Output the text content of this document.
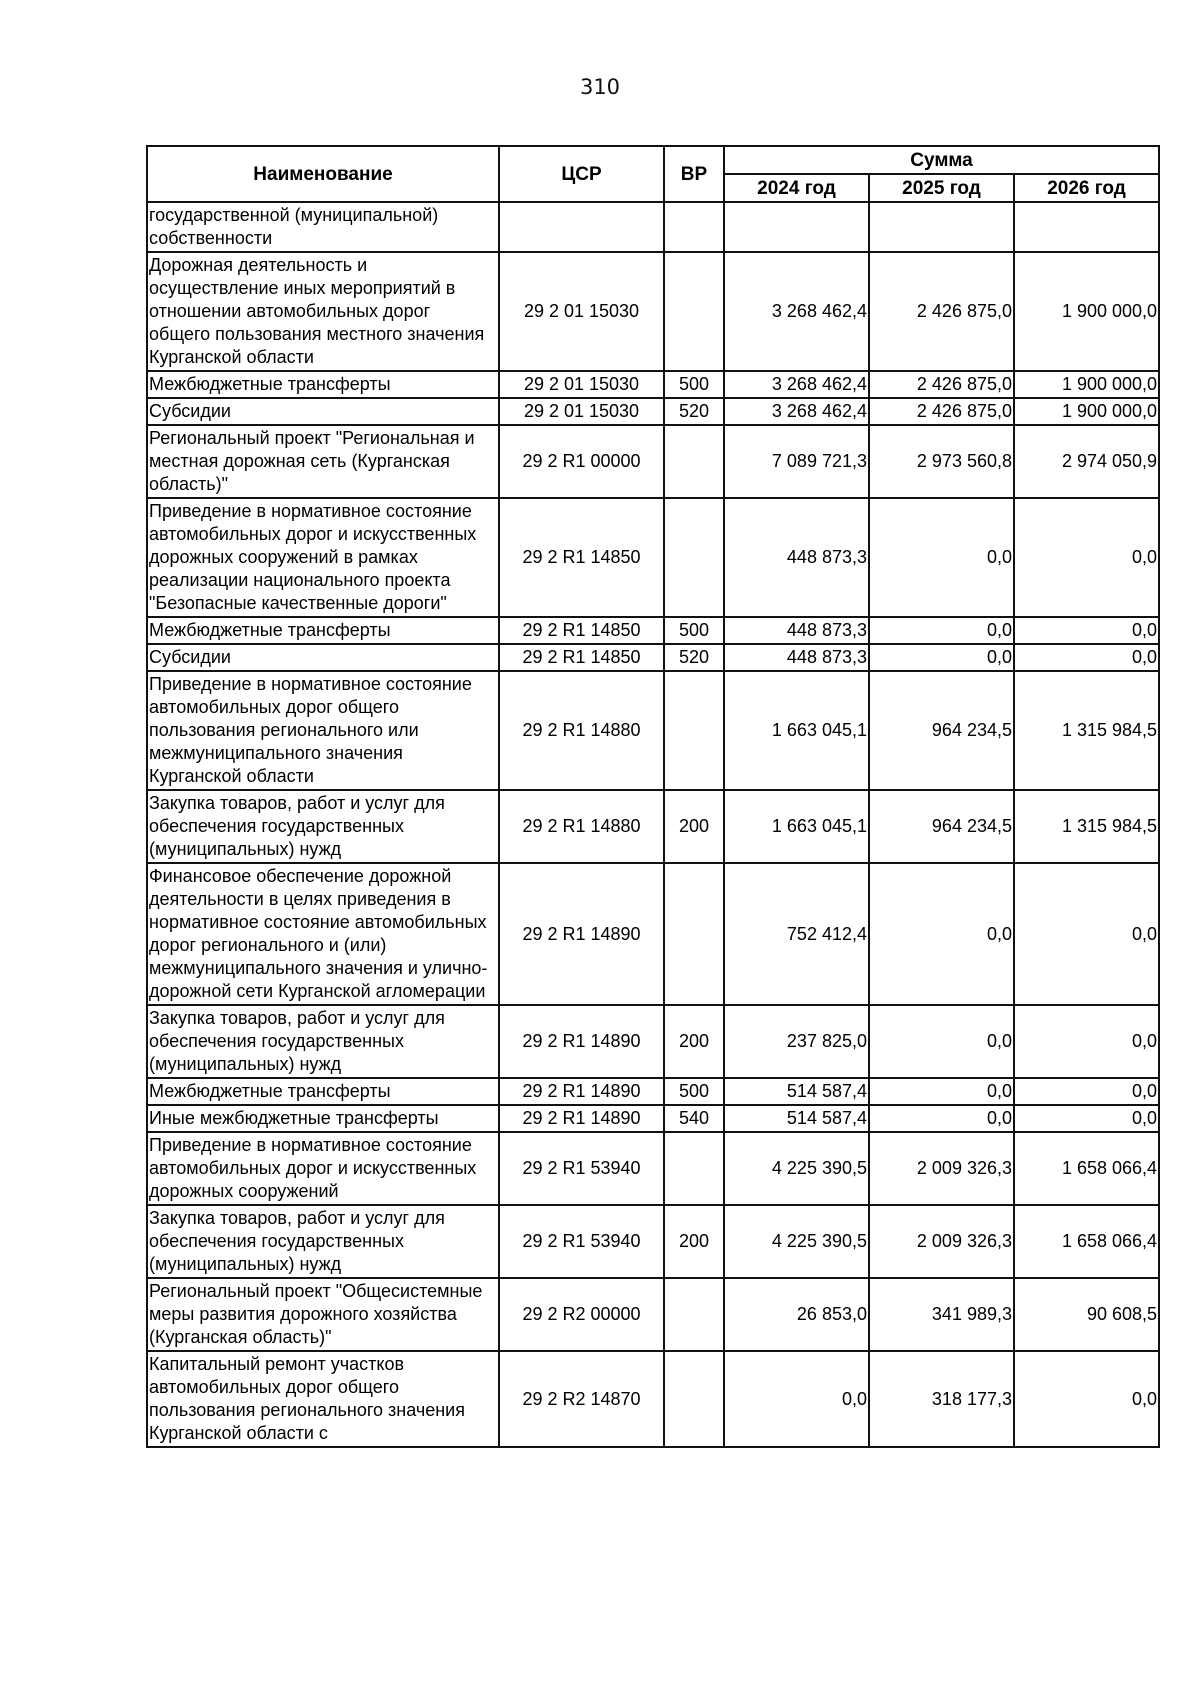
310
Наименование	ЦСР	ВР	Сумма		
			2024 год	2025 год	2026 год
государственной (муниципальной) собственности					
Дорожная деятельность и осуществление иных мероприятий в отношении автомобильных дорог общего пользования местного значения Курганской области	29 2 01 15030		3 268 462,4	2 426 875,0	1 900 000,0
Межбюджетные трансферты	29 2 01 15030	500	3 268 462,4	2 426 875,0	1 900 000,0
Субсидии	29 2 01 15030	520	3 268 462,4	2 426 875,0	1 900 000,0
Региональный проект "Региональная и местная дорожная сеть (Курганская область)"	29 2 R1 00000		7 089 721,3	2 973 560,8	2 974 050,9
Приведение в нормативное состояние автомобильных дорог и искусственных дорожных сооружений в рамках реализации национального проекта "Безопасные качественные дороги"	29 2 R1 14850		448 873,3	0,0	0,0
Межбюджетные трансферты	29 2 R1 14850	500	448 873,3	0,0	0,0
Субсидии	29 2 R1 14850	520	448 873,3	0,0	0,0
Приведение в нормативное состояние автомобильных дорог общего пользования регионального или межмуниципального значения Курганской области	29 2 R1 14880		1 663 045,1	964 234,5	1 315 984,5
Закупка товаров, работ и услуг для обеспечения государственных (муниципальных) нужд	29 2 R1 14880	200	1 663 045,1	964 234,5	1 315 984,5
Финансовое обеспечение дорожной деятельности в целях приведения в нормативное состояние автомобильных дорог регионального и (или) межмуниципального значения и улично-дорожной сети Курганской агломерации	29 2 R1 14890		752 412,4	0,0	0,0
Закупка товаров, работ и услуг для обеспечения государственных (муниципальных) нужд	29 2 R1 14890	200	237 825,0	0,0	0,0
Межбюджетные трансферты	29 2 R1 14890	500	514 587,4	0,0	0,0
Иные межбюджетные трансферты	29 2 R1 14890	540	514 587,4	0,0	0,0
Приведение в нормативное состояние автомобильных дорог и искусственных дорожных сооружений	29 2 R1 53940		4 225 390,5	2 009 326,3	1 658 066,4
Закупка товаров, работ и услуг для обеспечения государственных (муниципальных) нужд	29 2 R1 53940	200	4 225 390,5	2 009 326,3	1 658 066,4
Региональный проект "Общесистемные меры развития дорожного хозяйства (Курганская область)"	29 2 R2 00000		26 853,0	341 989,3	90 608,5
Капитальный ремонт участков автомобильных дорог общего пользования регионального значения Курганской области с	29 2 R2 14870		0,0	318 177,3	0,0
